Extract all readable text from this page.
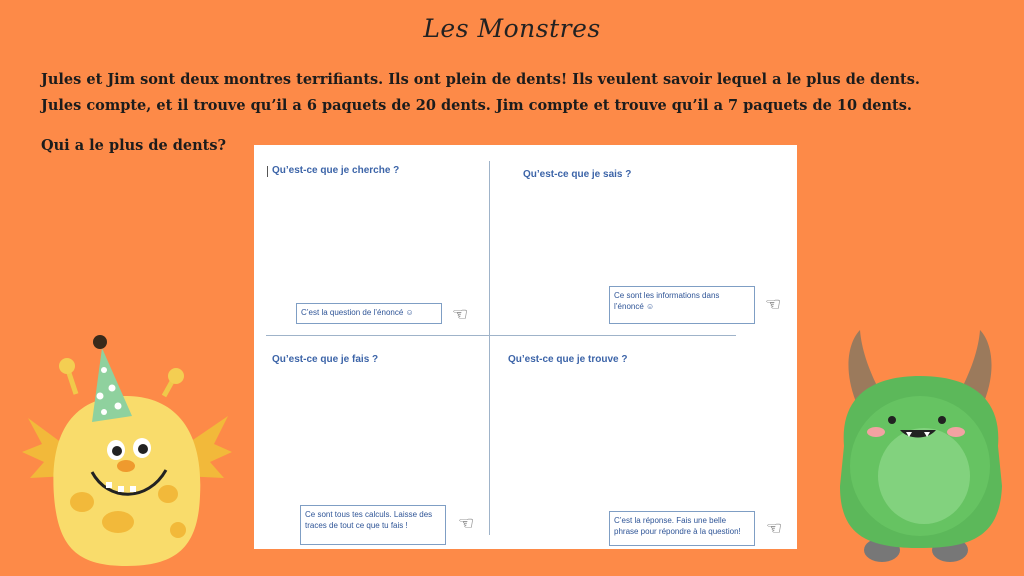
Les Monstres
Jules et Jim sont deux montres terrifiants. Ils ont plein de dents! Ils veulent savoir lequel a le plus de dents.
Jules compte, et il trouve qu’il a 6 paquets de 20 dents. Jim compte et trouve qu’il a 7 paquets de 10 dents.
Qui a le plus de dents?
Qu’est-ce que je cherche ?	Qu’est-ce que je sais ?
Qu’est-ce que je fais ?	Qu’est-ce que je trouve ?
C’est la question de l’énoncé ☺	☜
Ce sont les informations dans
l’énoncé ☺	☜
Ce sont tous tes calculs. Laisse des
traces de tout ce que tu fais !	☜	C’est la réponse. Fais une belle
phrase pour répondre à la question!	☜
